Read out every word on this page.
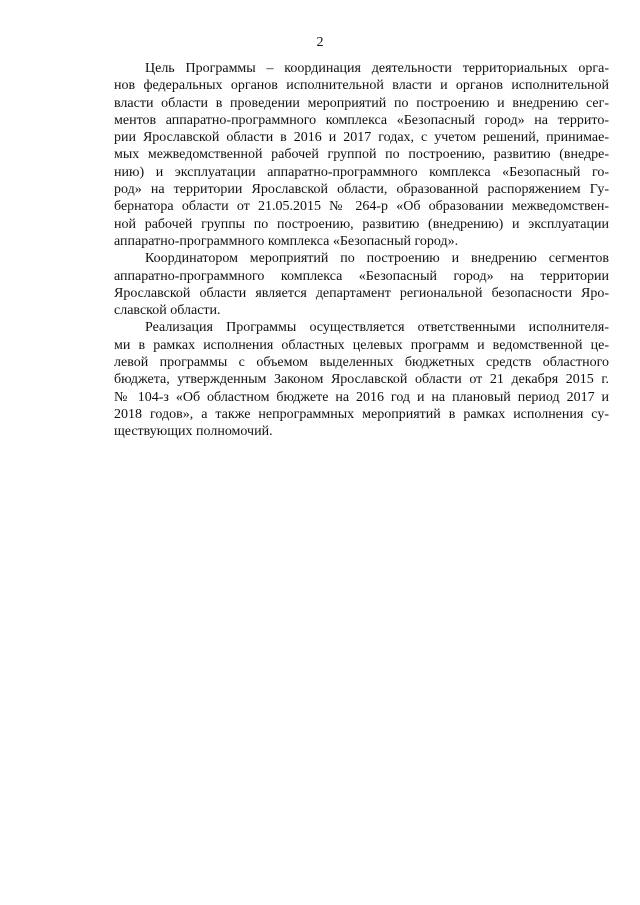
2

Цель Программы – координация деятельности территориальных орга-
нов федеральных органов исполнительной власти и органов исполнительной
власти области в проведении мероприятий по построению и внедрению сег-
ментов аппаратно-программного комплекса «Безопасный город» на террито-
рии Ярославской области в 2016 и 2017 годах, с учетом решений, принимае-
мых межведомственной рабочей группой по построению, развитию (внедре-
нию) и эксплуатации аппаратно-программного комплекса «Безопасный го-
род» на территории Ярославской области, образованной распоряжением Гу-
бернатора области от 21.05.2015 № 264-р «Об образовании межведомствен-
ной рабочей группы по построению, развитию (внедрению) и эксплуатации
аппаратно-программного комплекса «Безопасный город».

Координатором мероприятий по построению и внедрению сегментов
аппаратно-программного комплекса «Безопасный город» на территории
Ярославской области является департамент региональной безопасности Яро-
славской области.

Реализация Программы осуществляется ответственными исполнителя-
ми в рамках исполнения областных целевых программ и ведомственной це-
левой программы с объемом выделенных бюджетных средств областного
бюджета, утвержденным Законом Ярославской области от 21 декабря 2015 г.
№ 104-з «Об областном бюджете на 2016 год и на плановый период 2017 и
2018 годов», а также непрограммных мероприятий в рамках исполнения су-
ществующих полномочий.
